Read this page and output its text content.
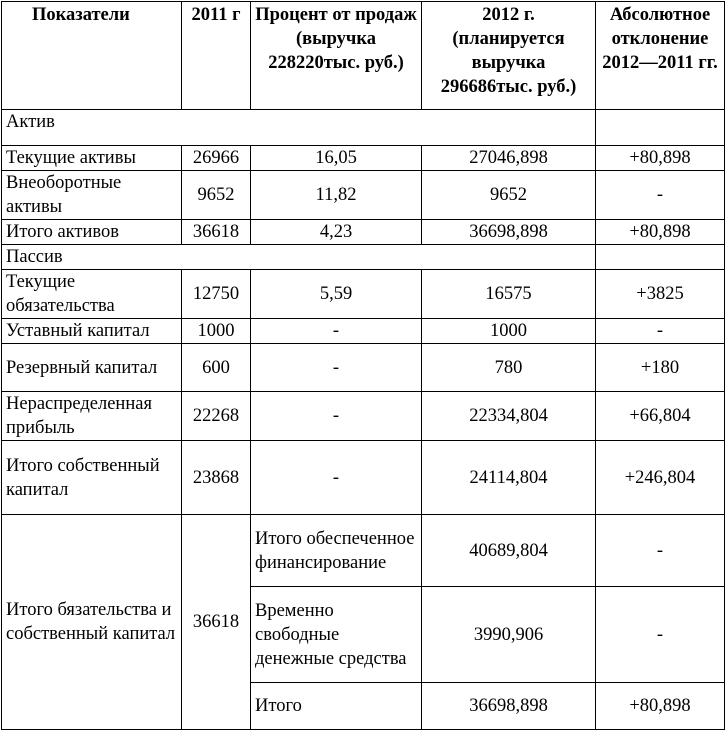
Показатели	2011 г	Процент от продаж (выручка 228220тыс. руб.)	2012 г. (планируется выручка 296686тыс. руб.)	Абсолютное отклонение 2012—2011 гг.
Актив				
Текущие активы	26966	16,05	27046,898	+80,898
Внеоборотные активы	9652	11,82	9652	-
Итого активов	36618	4,23	36698,898	+80,898
Пассив				
Текущие обязательства	12750	5,59	16575	+3825
Уставный капитал	1000	-	1000	-
Резервный капитал	600	-	780	+180
Нераспределенная прибыль	22268	-	22334,804	+66,804
Итого собственный капитал	23868	-	24114,804	+246,804
Итого бязательства и собственный капитал	36618	Итого обеспеченное финансирование	40689,804	-
		Временно свободные денежные средства	3990,906	-
		Итого	36698,898	+80,898
